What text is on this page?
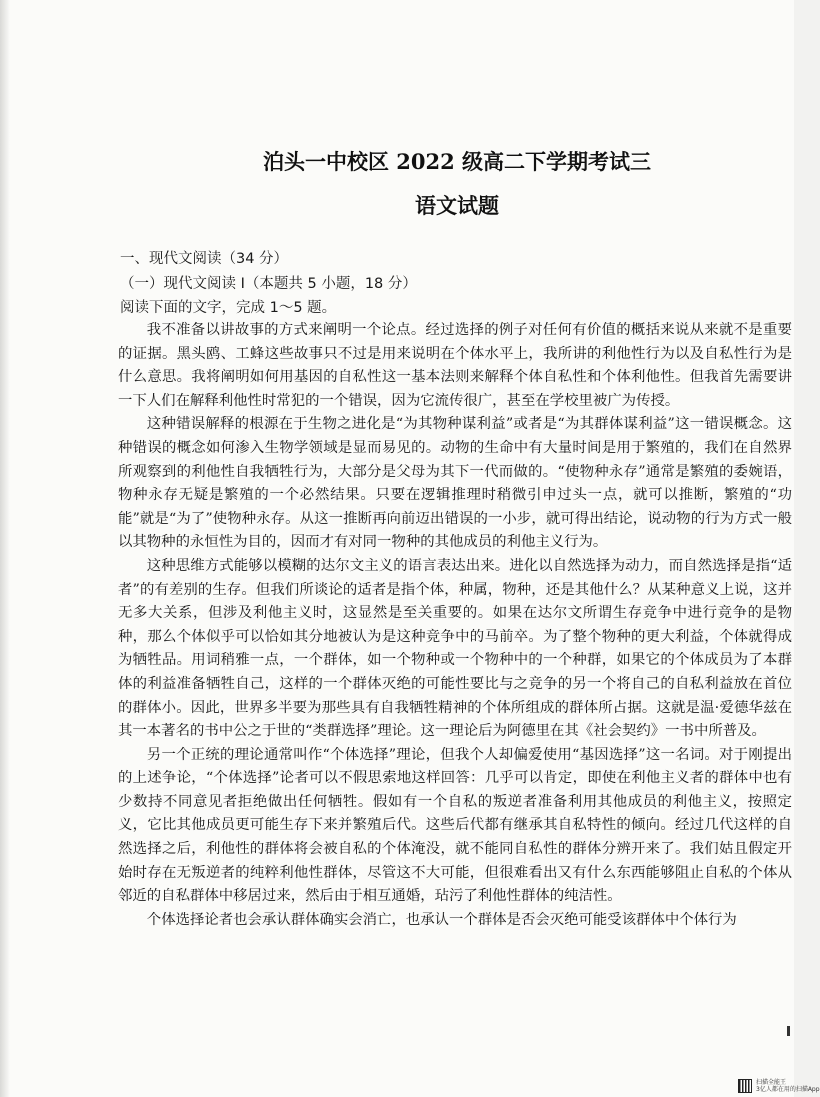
泊头一中校区 2022 级高二下学期考试三
语文试题
一、现代文阅读（34 分）
（一）现代文阅读 I（本题共 5 小题，18 分）
阅读下面的文字，完成 1～5 题。

我不准备以讲故事的方式来阐明一个论点。经过选择的例子对任何有价值的概括来说从来就不是重要的证据。黑头鸥、工蜂这些故事只不过是用来说明在个体水平上，我所讲的利他性行为以及自私性行为是什么意思。我将阐明如何用基因的自私性这一基本法则来解释个体自私性和个体利他性。但我首先需要讲一下人们在解释利他性时常犯的一个错误，因为它流传很广，甚至在学校里被广为传授。

这种错误解释的根源在于生物之进化是“为其物种谋利益”或者是“为其群体谋利益”这一错误概念。这种错误的概念如何渗入生物学领域是显而易见的。动物的生命中有大量时间是用于繁殖的，我们在自然界所观察到的利他性自我牺牲行为，大部分是父母为其下一代而做的。“使物种永存”通常是繁殖的委婉语，物种永存无疑是繁殖的一个必然结果。只要在逻辑推理时稍微引申过头一点，就可以推断，繁殖的“功能”就是“为了”使物种永存。从这一推断再向前迈出错误的一小步，就可得出结论，说动物的行为方式一般以其物种的永恒性为目的，因而才有对同一物种的其他成员的利他主义行为。

这种思维方式能够以模糊的达尔文主义的语言表达出来。进化以自然选择为动力，而自然选择是指“适者”的有差别的生存。但我们所谈论的适者是指个体，种属，物种，还是其他什么？从某种意义上说，这并无多大关系，但涉及利他主义时，这显然是至关重要的。如果在达尔文所谓生存竞争中进行竞争的是物种，那么个体似乎可以恰如其分地被认为是这种竞争中的马前卒。为了整个物种的更大利益，个体就得成为牺牲品。用词稍雅一点，一个群体，如一个物种或一个物种中的一个种群，如果它的个体成员为了本群体的利益准备牺牲自己，这样的一个群体灭绝的可能性要比与之竞争的另一个将自己的自私利益放在首位的群体小。因此，世界多半要为那些具有自我牺牲精神的个体所组成的群体所占据。这就是温·爱德华兹在其一本著名的书中公之于世的“类群选择”理论。这一理论后为阿德里在其《社会契约》一书中所普及。

另一个正统的理论通常叫作“个体选择”理论，但我个人却偏爱使用“基因选择”这一名词。对于刚提出的上述争论，“个体选择”论者可以不假思索地这样回答：几乎可以肯定，即使在利他主义者的群体中也有少数持不同意见者拒绝做出任何牺牲。假如有一个自私的叛逆者准备利用其他成员的利他主义，按照定义，它比其他成员更可能生存下来并繁殖后代。这些后代都有继承其自私特性的倾向。经过几代这样的自然选择之后，利他性的群体将会被自私的个体淹没，就不能同自私性的群体分辨开来了。我们姑且假定开始时存在无叛逆者的纯粹利他性群体，尽管这不大可能，但很难看出又有什么东西能够阻止自私的个体从邻近的自私群体中移居过来，然后由于相互通婚，玷污了利他性群体的纯洁性。

个体选择论者也会承认群体确实会消亡，也承认一个群体是否会灭绝可能受该群体中个体行为

扫描全能王
3亿人都在用的扫描App
